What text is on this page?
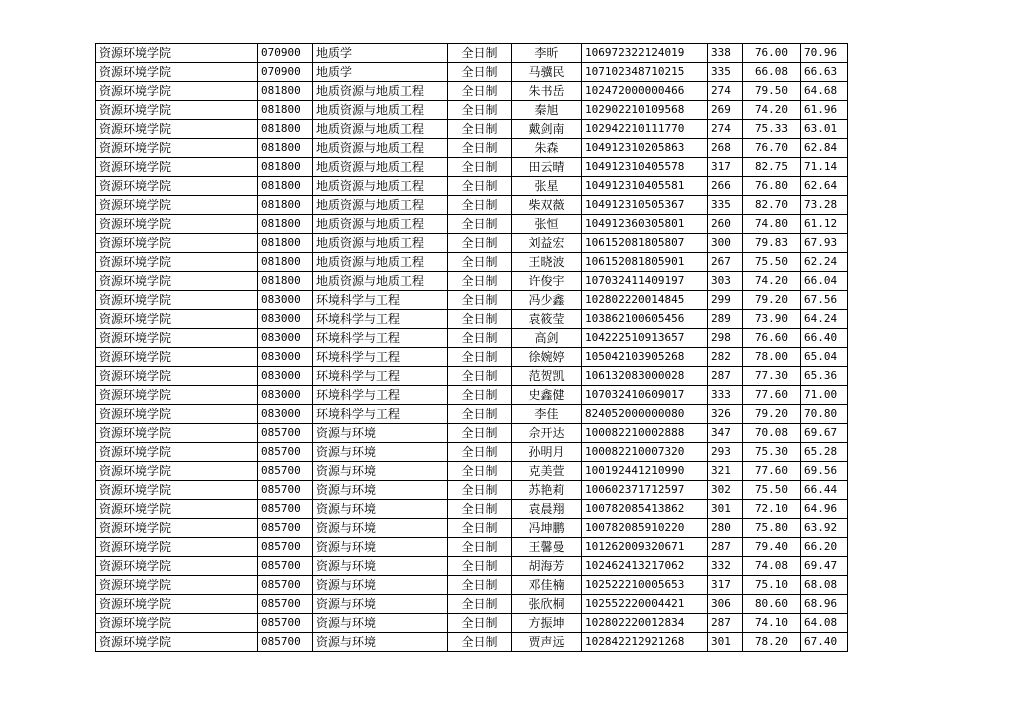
资源环境学院	070900	地质学	全日制	李昕	106972322124019	338	76.00	70.96
资源环境学院	070900	地质学	全日制	马骥民	107102348710215	335	66.08	66.63
资源环境学院	081800	地质资源与地质工程	全日制	朱书岳	102472000000466	274	79.50	64.68
资源环境学院	081800	地质资源与地质工程	全日制	秦旭	102902210109568	269	74.20	61.96
资源环境学院	081800	地质资源与地质工程	全日制	戴剑南	102942210111770	274	75.33	63.01
资源环境学院	081800	地质资源与地质工程	全日制	朱森	104912310205863	268	76.70	62.84
资源环境学院	081800	地质资源与地质工程	全日制	田云晴	104912310405578	317	82.75	71.14
资源环境学院	081800	地质资源与地质工程	全日制	张星	104912310405581	266	76.80	62.64
资源环境学院	081800	地质资源与地质工程	全日制	柴双薇	104912310505367	335	82.70	73.28
资源环境学院	081800	地质资源与地质工程	全日制	张恒	104912360305801	260	74.80	61.12
资源环境学院	081800	地质资源与地质工程	全日制	刘益宏	106152081805807	300	79.83	67.93
资源环境学院	081800	地质资源与地质工程	全日制	王晓波	106152081805901	267	75.50	62.24
资源环境学院	081800	地质资源与地质工程	全日制	许俊宇	107032411409197	303	74.20	66.04
资源环境学院	083000	环境科学与工程	全日制	冯少鑫	102802220014845	299	79.20	67.56
资源环境学院	083000	环境科学与工程	全日制	袁筱莹	103862100605456	289	73.90	64.24
资源环境学院	083000	环境科学与工程	全日制	高剑	104222510913657	298	76.60	66.40
资源环境学院	083000	环境科学与工程	全日制	徐婉婷	105042103905268	282	78.00	65.04
资源环境学院	083000	环境科学与工程	全日制	范贺凯	106132083000028	287	77.30	65.36
资源环境学院	083000	环境科学与工程	全日制	史鑫健	107032410609017	333	77.60	71.00
资源环境学院	083000	环境科学与工程	全日制	李佳	824052000000080	326	79.20	70.80
资源环境学院	085700	资源与环境	全日制	佘开达	100082210002888	347	70.08	69.67
资源环境学院	085700	资源与环境	全日制	孙明月	100082210007320	293	75.30	65.28
资源环境学院	085700	资源与环境	全日制	克美萱	100192441210990	321	77.60	69.56
资源环境学院	085700	资源与环境	全日制	苏艳莉	100602371712597	302	75.50	66.44
资源环境学院	085700	资源与环境	全日制	袁晨翔	100782085413862	301	72.10	64.96
资源环境学院	085700	资源与环境	全日制	冯坤鹏	100782085910220	280	75.80	63.92
资源环境学院	085700	资源与环境	全日制	王馨曼	101262009320671	287	79.40	66.20
资源环境学院	085700	资源与环境	全日制	胡海芳	102462413217062	332	74.08	69.47
资源环境学院	085700	资源与环境	全日制	邓佳楠	102522210005653	317	75.10	68.08
资源环境学院	085700	资源与环境	全日制	张欣桐	102552220004421	306	80.60	68.96
资源环境学院	085700	资源与环境	全日制	方振坤	102802220012834	287	74.10	64.08
资源环境学院	085700	资源与环境	全日制	贾声远	102842212921268	301	78.20	67.40
